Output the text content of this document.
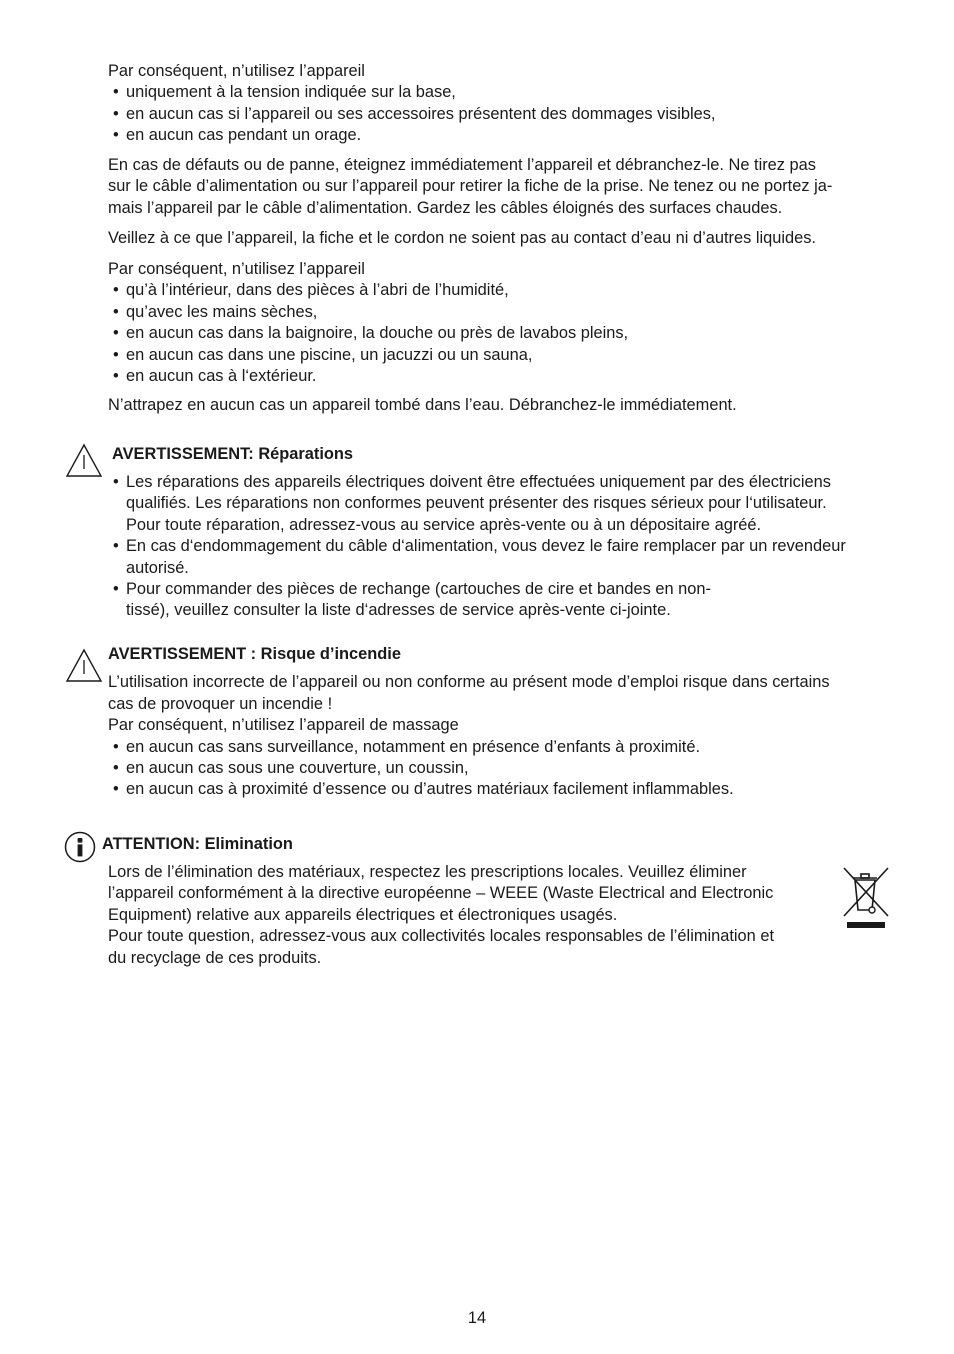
Par conséquent, n’utilisez l’appareil

• uniquement à la tension indiquée sur la base,
• en aucun cas si l’appareil ou ses accessoires présentent des dommages visibles,
• en aucun cas pendant un orage.

En cas de défauts ou de panne, éteignez immédiatement l’appareil et débranchez-le. Ne tirez pas

sur le câble d’alimentation ou sur l’appareil pour retirer la fiche de la prise. Ne tenez ou ne portez ja-

mais l’appareil par le câble d’alimentation. Gardez les câbles éloignés des surfaces chaudes.

Veillez à ce que l’appareil, la fiche et le cordon ne soient pas au contact d’eau ni d’autres liquides.

Par conséquent, n’utilisez l’appareil

• qu’à l’intérieur, dans des pièces à l’abri de l’humidité,
• qu’avec les mains sèches,
• en aucun cas dans la baignoire, la douche ou près de lavabos pleins,
• en aucun cas dans une piscine, un jacuzzi ou un sauna,
• en aucun cas à l‘extérieur.

N’attrapez en aucun cas un appareil tombé dans l’eau. Débranchez-le immédiatement.

AVERTISSEMENT: Réparations

• Les réparations des appareils électriques doivent être effectuées uniquement par des électriciens
qualifiés. Les réparations non conformes peuvent présenter des risques sérieux pour l‘utilisateur.
Pour toute réparation, adressez-vous au service après-vente ou à un dépositaire agréé.
• En cas d‘endommagement du câble d‘alimentation, vous devez le faire remplacer par un revendeur
autorisé.
• Pour commander des pièces de rechange (cartouches de cire et bandes en non-
tissé), veuillez consulter la liste d‘adresses de service après-vente ci-jointe.

AVERTISSEMENT : Risque d’incendie

L’utilisation incorrecte de l’appareil ou non conforme au présent mode d’emploi risque dans certains

cas de provoquer un incendie !

Par conséquent, n’utilisez l’appareil de massage

• en aucun cas sans surveillance, notamment en présence d’enfants à proximité.
• en aucun cas sous une couverture, un coussin,
• en aucun cas à proximité d’essence ou d’autres matériaux facilement inflammables.

ATTENTION: Elimination

Lors de l’élimination des matériaux, respectez les prescriptions locales. Veuillez éliminer

l’appareil conformément à la directive européenne – WEEE (Waste Electrical and Electronic

Equipment) relative aux appareils électriques et électroniques usagés.

Pour toute question, adressez-vous aux collectivités locales responsables de l’élimination et

du recyclage de ces produits.

14
